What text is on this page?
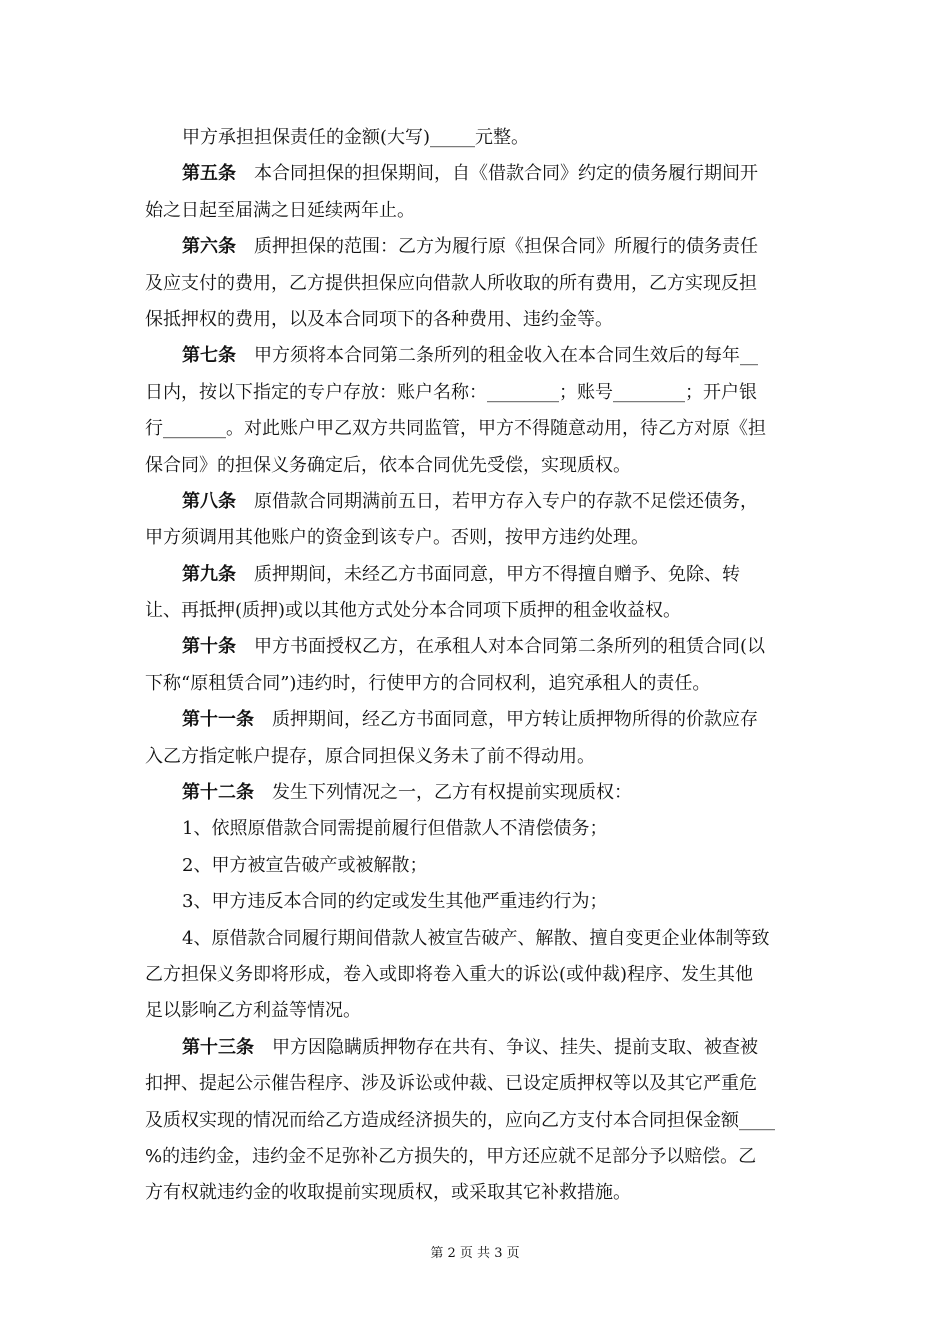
甲方承担担保责任的金额(大写)_____元整。
第五条　本合同担保的担保期间，自《借款合同》约定的债务履行期间开
始之日起至届满之日延续两年止。
第六条　质押担保的范围：乙方为履行原《担保合同》所履行的债务责任
及应支付的费用，乙方提供担保应向借款人所收取的所有费用，乙方实现反担
保抵押权的费用，以及本合同项下的各种费用、违约金等。
第七条　甲方须将本合同第二条所列的租金收入在本合同生效后的每年__
日内，按以下指定的专户存放：账户名称：________；账号________；开户银
行_______。对此账户甲乙双方共同监管，甲方不得随意动用，待乙方对原《担
保合同》的担保义务确定后，依本合同优先受偿，实现质权。
第八条　原借款合同期满前五日，若甲方存入专户的存款不足偿还债务，
甲方须调用其他账户的资金到该专户。否则，按甲方违约处理。
第九条　质押期间，未经乙方书面同意，甲方不得擅自赠予、免除、转
让、再抵押(质押)或以其他方式处分本合同项下质押的租金收益权。
第十条　甲方书面授权乙方，在承租人对本合同第二条所列的租赁合同(以
下称“原租赁合同”)违约时，行使甲方的合同权利，追究承租人的责任。
第十一条　质押期间，经乙方书面同意，甲方转让质押物所得的价款应存
入乙方指定帐户提存，原合同担保义务未了前不得动用。
第十二条　发生下列情况之一，乙方有权提前实现质权：
1、依照原借款合同需提前履行但借款人不清偿债务；
2、甲方被宣告破产或被解散；
3、甲方违反本合同的约定或发生其他严重违约行为；
4、原借款合同履行期间借款人被宣告破产、解散、擅自变更企业体制等致
乙方担保义务即将形成，卷入或即将卷入重大的诉讼(或仲裁)程序、发生其他
足以影响乙方利益等情况。
第十三条　甲方因隐瞒质押物存在共有、争议、挂失、提前支取、被查被
扣押、提起公示催告程序、涉及诉讼或仲裁、已设定质押权等以及其它严重危
及质权实现的情况而给乙方造成经济损失的，应向乙方支付本合同担保金额____
%的违约金，违约金不足弥补乙方损失的，甲方还应就不足部分予以赔偿。乙
方有权就违约金的收取提前实现质权，或采取其它补救措施。
第 2 页 共 3 页
